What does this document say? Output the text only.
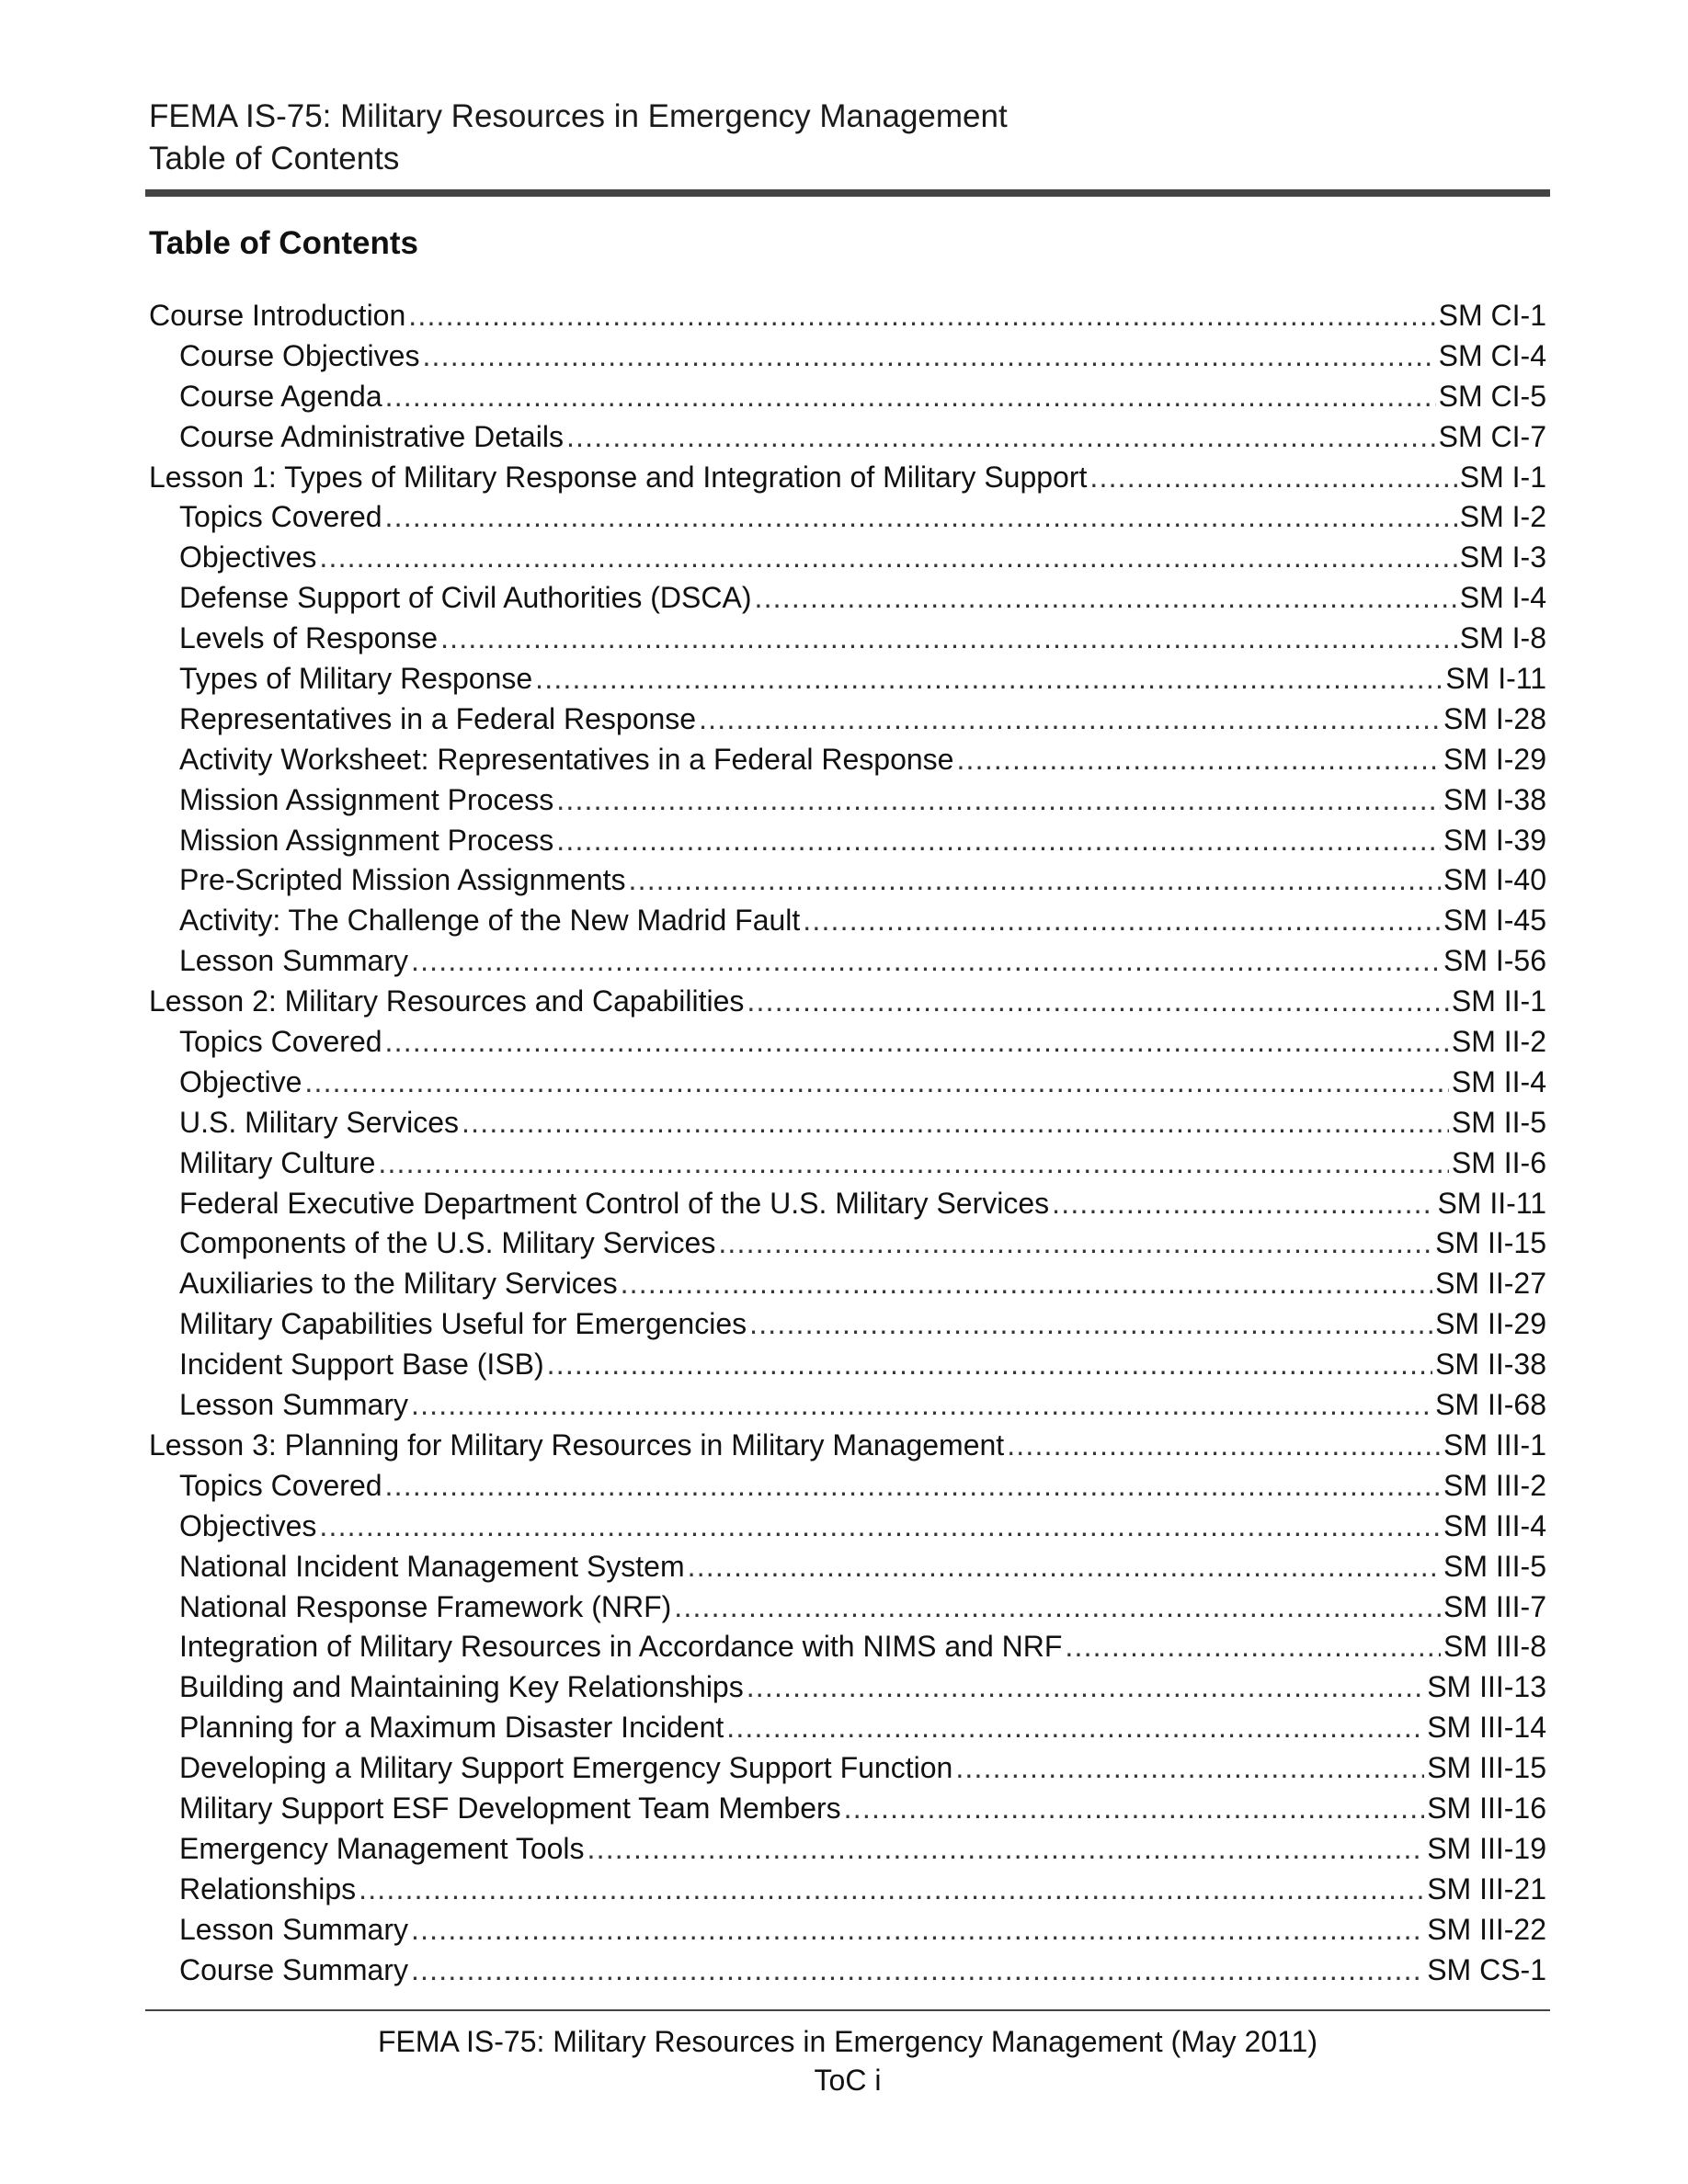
FEMA IS-75: Military Resources in Emergency Management
Table of Contents
Table of Contents
Course Introduction .....	SM CI-1
Course Objectives .....	SM CI-4
Course Agenda .....	SM CI-5
Course Administrative Details .....	SM CI-7
Lesson 1: Types of Military Response and Integration of Military Support .....	SM I-1
Topics Covered .....	SM I-2
Objectives .....	SM I-3
Defense Support of Civil Authorities (DSCA) .....	SM I-4
Levels of Response .....	SM I-8
Types of Military Response .....	SM I-11
Representatives in a Federal Response .....	SM I-28
Activity Worksheet: Representatives in a Federal Response .....	SM I-29
Mission Assignment Process .....	SM I-38
Mission Assignment Process .....	SM I-39
Pre-Scripted Mission Assignments .....	SM I-40
Activity: The Challenge of the New Madrid Fault .....	SM I-45
Lesson Summary .....	SM I-56
Lesson 2: Military Resources and Capabilities .....	SM II-1
Topics Covered .....	SM II-2
Objective .....	SM II-4
U.S. Military Services .....	SM II-5
Military Culture .....	SM II-6
Federal Executive Department Control of the U.S. Military Services .....	SM II-11
Components of the U.S. Military Services .....	SM II-15
Auxiliaries to the Military Services .....	SM II-27
Military Capabilities Useful for Emergencies .....	SM II-29
Incident Support Base (ISB) .....	SM II-38
Lesson Summary .....	SM II-68
Lesson 3: Planning for Military Resources in Military Management .....	SM III-1
Topics Covered .....	SM III-2
Objectives .....	SM III-4
National Incident Management System .....	SM III-5
National Response Framework (NRF) .....	SM III-7
Integration of Military Resources in Accordance with NIMS and NRF .....	SM III-8
Building and Maintaining Key Relationships .....	SM III-13
Planning for a Maximum Disaster Incident .....	SM III-14
Developing a Military Support Emergency Support Function .....	SM III-15
Military Support ESF Development Team Members .....	SM III-16
Emergency Management Tools .....	SM III-19
Relationships .....	SM III-21
Lesson Summary .....	SM III-22
Course Summary .....	SM CS-1
FEMA IS-75: Military Resources in Emergency Management (May 2011)
ToC i
